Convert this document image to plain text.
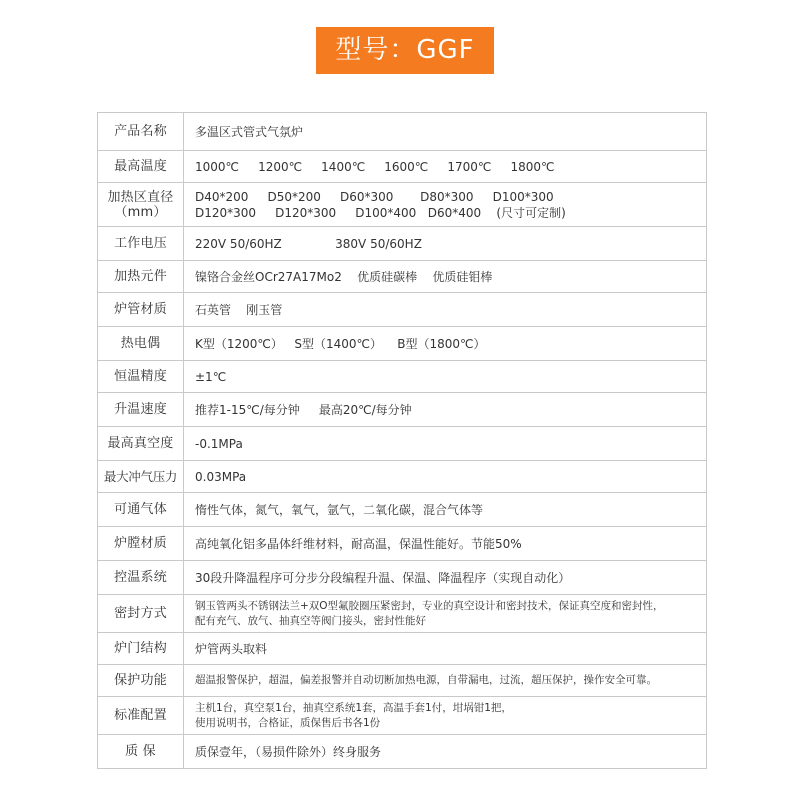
型号：GGF
产品名称	多温区式管式气氛炉
最高温度	1000℃     1200℃     1400℃     1600℃     1700℃     1800℃
加热区直径
（mm）	D40*200     D50*200     D60*300       D80*300     D100*300
D120*300     D120*300     D100*400   D60*400    (尺寸可定制)
工作电压	220V 50/60HZ              380V 50/60HZ
加热元件	镍铬合金丝OCr27A17Mo2    优质硅碳棒    优质硅钼棒
炉管材质	石英管    刚玉管
热电偶	K型（1200℃）   S型（1400℃）    B型（1800℃）
恒温精度	±1℃
升温速度	推荐1-15℃/每分钟     最高20℃/每分钟
最高真空度	-0.1MPa
最大冲气压力	0.03MPa
可通气体	惰性气体，氮气，氧气，氩气，二氧化碳，混合气体等
炉膛材质	高纯氧化铝多晶体纤维材料，耐高温，保温性能好。节能50%
控温系统	30段升降温程序可分步分段编程升温、保温、降温程序（实现自动化）
密封方式	钢玉管两头不锈钢法兰+双O型氟胶圈压紧密封，专业的真空设计和密封技术，保证真空度和密封性，
配有充气、放气、抽真空等阀门接头，密封性能好
炉门结构	炉管两头取料
保护功能	超温报警保护，超温，偏差报警并自动切断加热电源，自带漏电，过流，超压保护，操作安全可靠。
标准配置	主机1台，真空泵1台，抽真空系统1套，高温手套1付，坩埚钳1把，
使用说明书，合格证，质保售后书各1份
质 保	质保壹年，（易损件除外）终身服务
